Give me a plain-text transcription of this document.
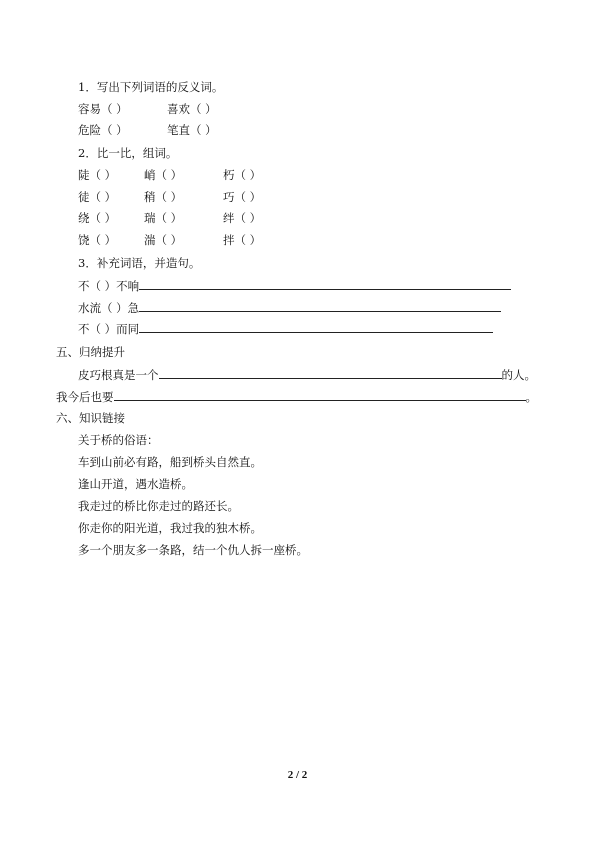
1．写出下列词语的反义词。
容易（ ）	喜欢（ ）
危险（ ）	笔直（ ）
2．比一比，组词。
陡（ ） 峭（ ）	朽（ ）
徒（ ） 稍（ ）	巧（ ）
绕（ ） 瑞（ ）	绊（ ）
饶（ ） 湍（ ）	拌（ ）
3．补充词语，并造句。
不（ ）不响
水流（ ）急
不（ ）而同
五、归纳提升
皮巧根真是一个	的人。
我今后也要	。
六、知识链接
关于桥的俗语：
车到山前必有路，船到桥头自然直。
逢山开道，遇水造桥。
我走过的桥比你走过的路还长。
你走你的阳光道，我过我的独木桥。
多一个朋友多一条路，结一个仇人拆一座桥。
2 / 2
